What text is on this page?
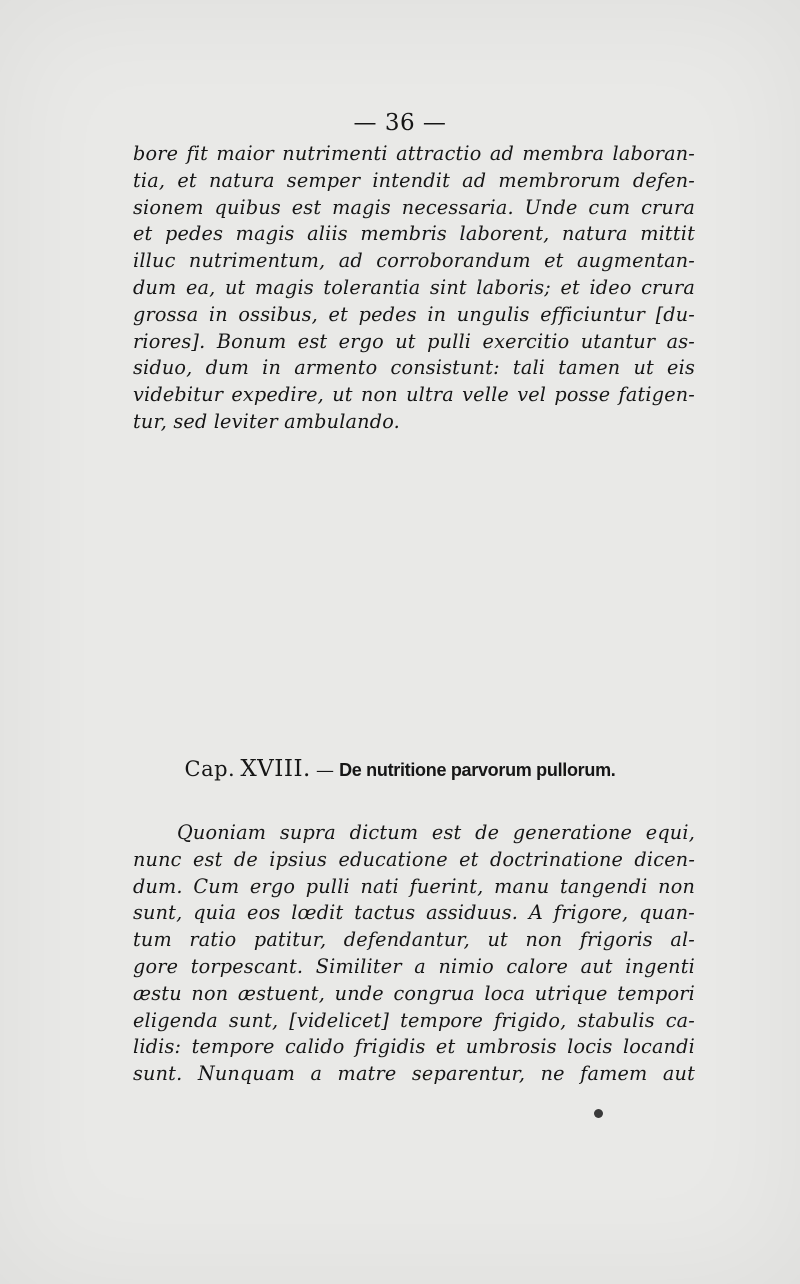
— 36 —
bore fit maior nutrimenti attractio ad membra laboran-
tia, et natura semper intendit ad membrorum defen-
sionem quibus est magis necessaria. Unde cum crura
et pedes magis aliis membris laborent, natura mittit
illuc nutrimentum, ad corroborandum et augmentan-
dum ea, ut magis tolerantia sint laboris; et ideo crura
grossa in ossibus, et pedes in ungulis efficiuntur [du-
riores]. Bonum est ergo ut pulli exercitio utantur as-
siduo, dum in armento consistunt: tali tamen ut eis
videbitur expedire, ut non ultra velle vel posse fatigen-
tur, sed leviter ambulando.
Cap. XVIII. — De nutritione parvorum pullorum.
Quoniam supra dictum est de generatione equi,
nunc est de ipsius educatione et doctrinatione dicen-
dum. Cum ergo pulli nati fuerint, manu tangendi non
sunt, quia eos lœdit tactus assiduus. A frigore, quan-
tum ratio patitur, defendantur, ut non frigoris al-
gore torpescant. Similiter a nimio calore aut ingenti
æstu non æstuent, unde congrua loca utrique tempori
eligenda sunt, [videlicet] tempore frigido, stabulis ca-
lidis: tempore calido frigidis et umbrosis locis locandi
sunt. Nunquam a matre separentur, ne famem aut
